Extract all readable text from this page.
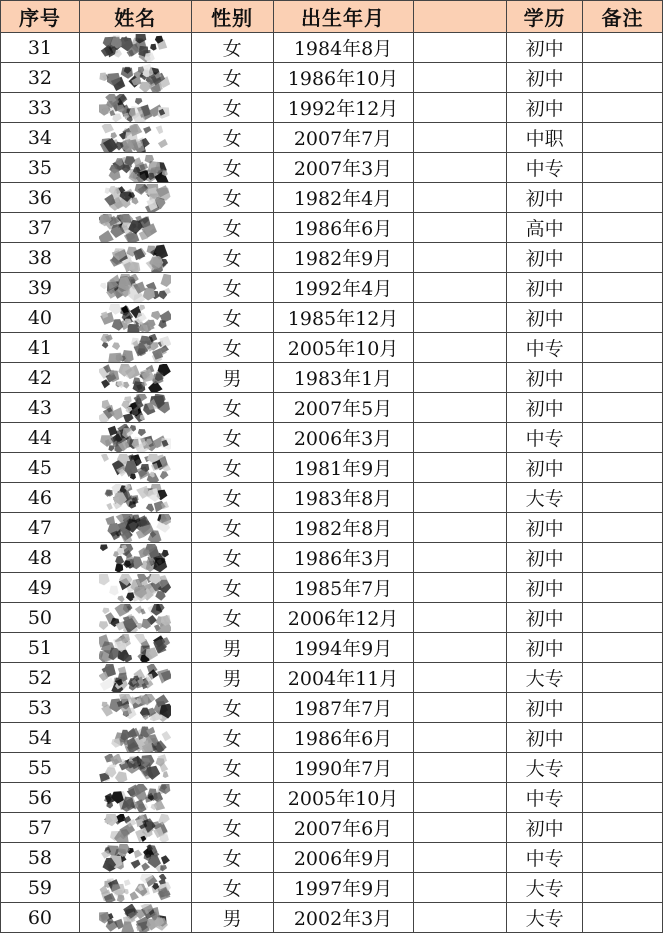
序号	姓名	性别	出生年月		学历	备注
31		女	1984年8月		初中	
32		女	1986年10月		初中	
33		女	1992年12月		初中	
34		女	2007年7月		中职	
35		女	2007年3月		中专	
36		女	1982年4月		初中	
37		女	1986年6月		高中	
38		女	1982年9月		初中	
39		女	1992年4月		初中	
40		女	1985年12月		初中	
41		女	2005年10月		中专	
42		男	1983年1月		初中	
43		女	2007年5月		初中	
44		女	2006年3月		中专	
45		女	1981年9月		初中	
46		女	1983年8月		大专	
47		女	1982年8月		初中	
48		女	1986年3月		初中	
49		女	1985年7月		初中	
50		女	2006年12月		初中	
51		男	1994年9月		初中	
52		男	2004年11月		大专	
53		女	1987年7月		初中	
54		女	1986年6月		初中	
55		女	1990年7月		大专	
56		女	2005年10月		中专	
57		女	2007年6月		初中	
58		女	2006年9月		中专	
59		女	1997年9月		大专	
60		男	2002年3月		大专	
